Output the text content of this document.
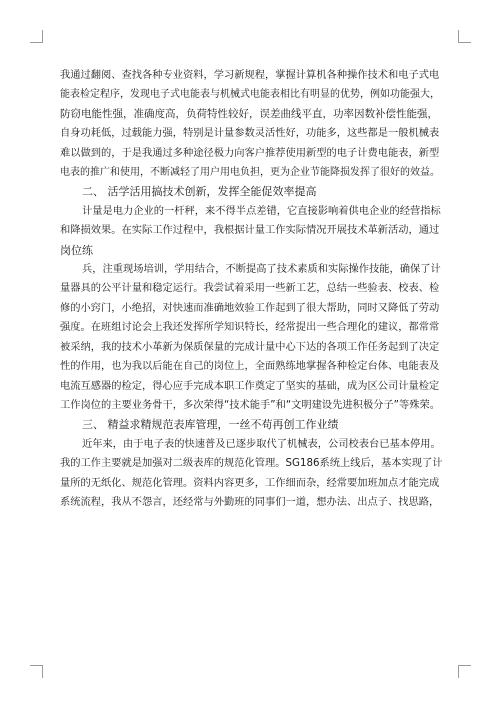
我通过翻阅、查找各种专业资料，学习新规程，掌握计算机各种操作技术和电子式电

能表检定程序，发现电子式电能表与机械式电能表相比有明显的优势，例如功能强大，

防窃电能性强，准确度高，负荷特性较好，误差曲线平直，功率因数补偿性能强，

自身功耗低，过载能力强，特别是计量参数灵活性好，功能多，这些都是一般机械表

难以做到的，于是我通过多种途径极力向客户推荐使用新型的电子计费电能表，新型

电表的推广和使用，不断减轻了用户用电负担，更为企业节能降损发挥了很好的效益。

二、 活学活用搞技术创新，发挥全能促效率提高

计量是电力企业的一杆秤，来不得半点差错，它直接影响着供电企业的经营指标

和降损效果。在实际工作过程中，我根据计量工作实际情况开展技术革新活动，通过

岗位练

兵，注重现场培训，学用结合，不断提高了技术素质和实际操作技能，确保了计

量器具的公平计量和稳定运行。我尝试着采用一些新工艺，总结一些验表、校表、检

修的小窍门，小绝招，对快速而准确地效验工作起到了很大帮助，同时又降低了劳动

强度。在班组讨论会上我还发挥所学知识特长，经常提出一些合理化的建议，都常常

被采纳，我的技术小革新为保质保量的完成计量中心下达的各项工作任务起到了决定

性的作用，也为我以后能在自己的岗位上，全面熟练地掌握各种检定台体、电能表及

电流互感器的检定，得心应手完成本职工作奠定了坚实的基础，成为区公司计量检定

工作岗位的主要业务骨干，多次荣得“技术能手”和“文明建设先进积极分子”等殊荣。

三、 精益求精规范表库管理，一丝不苟再创工作业绩

近年来，由于电子表的快速普及已逐步取代了机械表，公司校表台已基本停用。

我的工作主要就是加强对二级表库的规范化管理。SG186系统上线后，基本实现了计

量所的无纸化、规范化管理。资料内容更多，工作细而杂，经常要加班加点才能完成

系统流程，我从不怨言，还经常与外勤班的同事们一道，想办法、出点子、找思路，
